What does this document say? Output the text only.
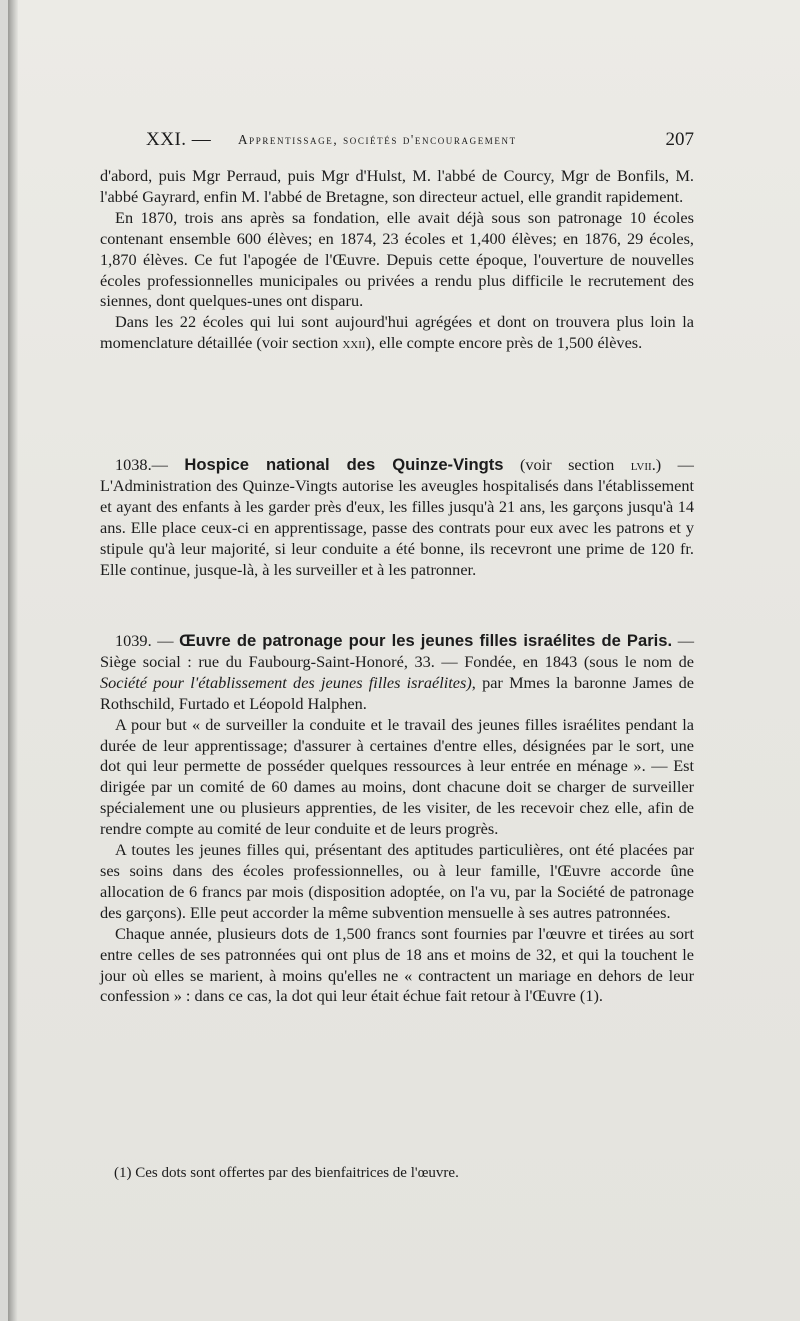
XXI. — Apprentissage, sociétés d'encouragement	207

d'abord, puis Mgr Perraud, puis Mgr d'Hulst, M. l'abbé de Courcy, Mgr de Bonfils, M. l'abbé Gayrard, enfin M. l'abbé de Bretagne, son directeur actuel, elle grandit rapidement.

En 1870, trois ans après sa fondation, elle avait déjà sous son patronage 10 écoles contenant ensemble 600 élèves; en 1874, 23 écoles et 1,400 élèves; en 1876, 29 écoles, 1,870 élèves. Ce fut l'apogée de l'Œuvre. Depuis cette époque, l'ouverture de nouvelles écoles professionnelles municipales ou privées a rendu plus difficile le recrutement des siennes, dont quelques-unes ont disparu.

Dans les 22 écoles qui lui sont aujourd'hui agrégées et dont on trouvera plus loin la momenclature détaillée (voir section xxii), elle compte encore près de 1,500 élèves.

1038.— Hospice national des Quinze-Vingts (voir section lvii.) — L'Administration des Quinze-Vingts autorise les aveugles hospitalisés dans l'établissement et ayant des enfants à les garder près d'eux, les filles jusqu'à 21 ans, les garçons jusqu'à 14 ans. Elle place ceux-ci en apprentissage, passe des contrats pour eux avec les patrons et y stipule qu'à leur majorité, si leur conduite a été bonne, ils recevront une prime de 120 fr. Elle continue, jusque-là, à les surveiller et à les patronner.

1039. — Œuvre de patronage pour les jeunes filles israélites de Paris. — Siège social : rue du Faubourg-Saint-Honoré, 33. — Fondée, en 1843 (sous le nom de Société pour l'établissement des jeunes filles israélites), par Mmes la baronne James de Rothschild, Furtado et Léopold Halphen.

A pour but « de surveiller la conduite et le travail des jeunes filles israélites pendant la durée de leur apprentissage; d'assurer à certaines d'entre elles, désignées par le sort, une dot qui leur permette de posséder quelques ressources à leur entrée en ménage ». — Est dirigée par un comité de 60 dames au moins, dont chacune doit se charger de surveiller spécialement une ou plusieurs apprenties, de les visiter, de les recevoir chez elle, afin de rendre compte au comité de leur conduite et de leurs progrès.

A toutes les jeunes filles qui, présentant des aptitudes particulières, ont été placées par ses soins dans des écoles professionnelles, ou à leur famille, l'Œuvre accorde ûne allocation de 6 francs par mois (disposition adoptée, on l'a vu, par la Société de patronage des garçons). Elle peut accorder la même subvention mensuelle à ses autres patronnées.

Chaque année, plusieurs dots de 1,500 francs sont fournies par l'œuvre et tirées au sort entre celles de ses patronnées qui ont plus de 18 ans et moins de 32, et qui la touchent le jour où elles se marient, à moins qu'elles ne « contractent un mariage en dehors de leur confession » : dans ce cas, la dot qui leur était échue fait retour à l'Œuvre (1).

(1) Ces dots sont offertes par des bienfaitrices de l'œuvre.
